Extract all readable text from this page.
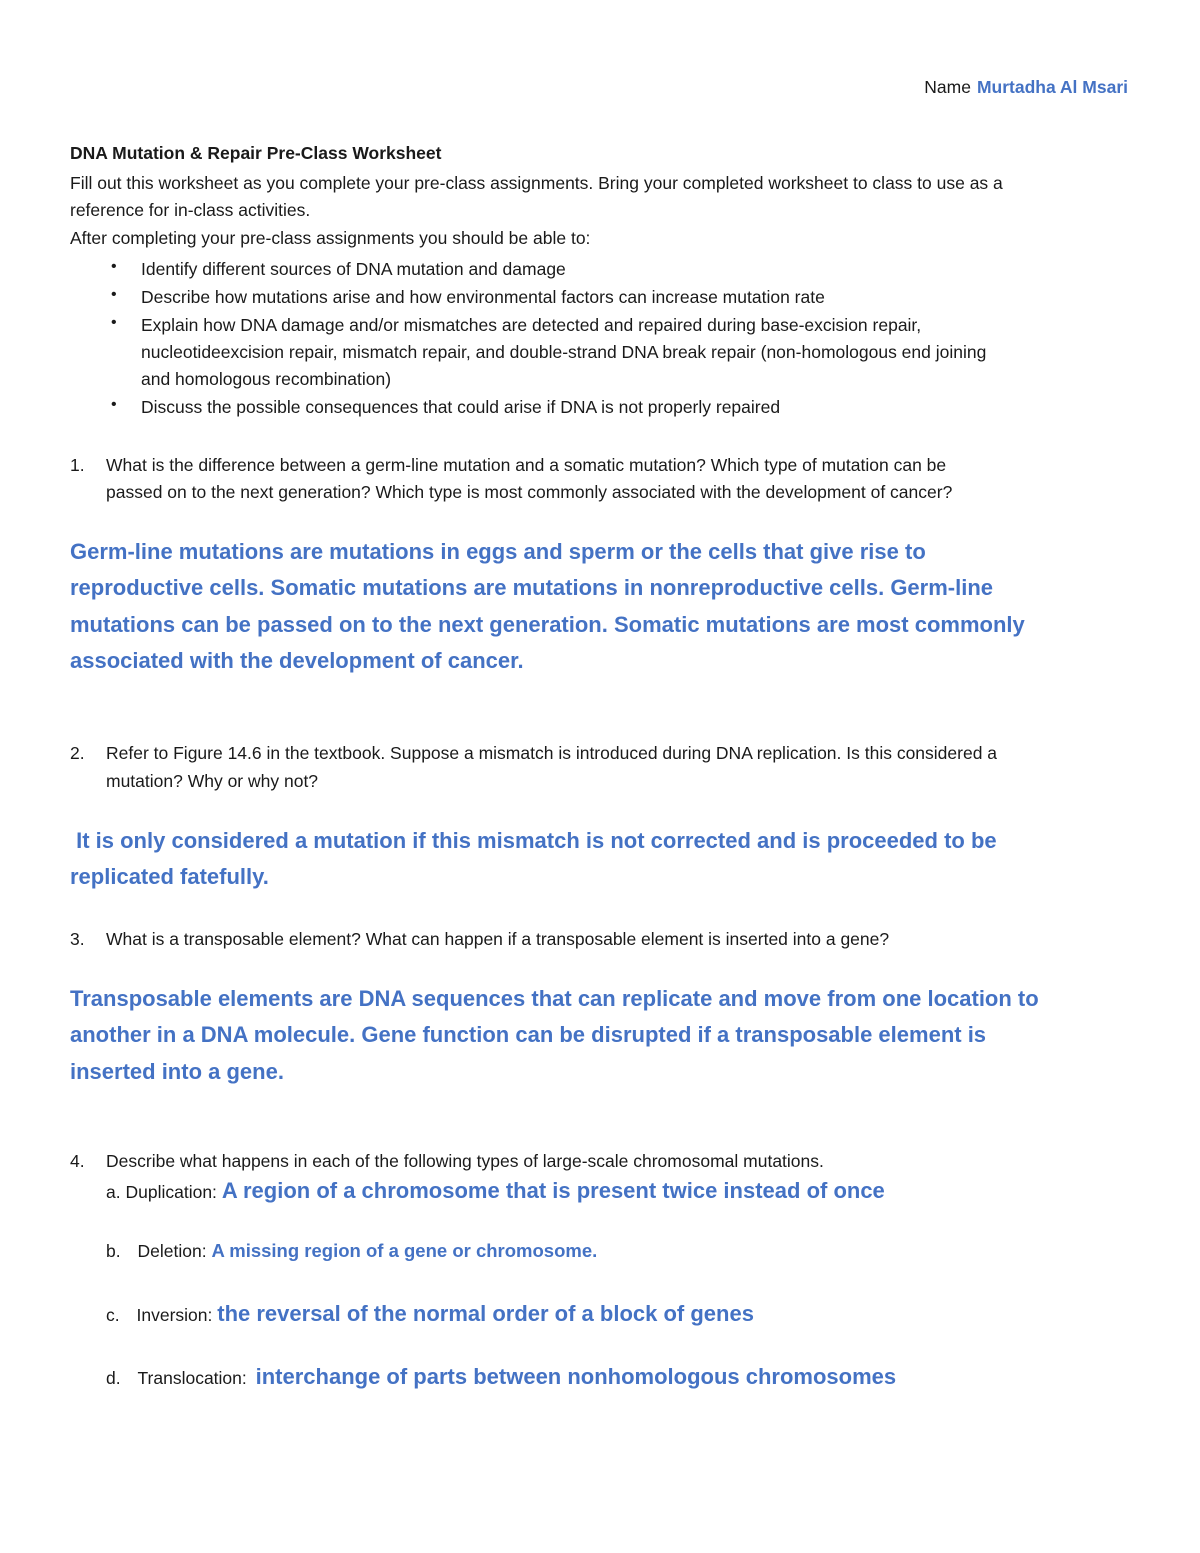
Name Murtadha Al Msari
DNA Mutation & Repair Pre-Class Worksheet
Fill out this worksheet as you complete your pre-class assignments. Bring your completed worksheet to class to use as a
reference for in-class activities.
After completing your pre-class assignments you should be able to:
• Identify different sources of DNA mutation and damage
• Describe how mutations arise and how environmental factors can increase mutation rate
• Explain how DNA damage and/or mismatches are detected and repaired during base-excision repair,
nucleotideexcision repair, mismatch repair, and double-strand DNA break repair (non-homologous end joining
and homologous recombination)
• Discuss the possible consequences that could arise if DNA is not properly repaired
1. What is the difference between a germ-line mutation and a somatic mutation? Which type of mutation can be
passed on to the next generation? Which type is most commonly associated with the development of cancer?
Germ-line mutations are mutations in eggs and sperm or the cells that give rise to
reproductive cells. Somatic mutations are mutations in nonreproductive cells. Germ-line
mutations can be passed on to the next generation. Somatic mutations are most commonly
associated with the development of cancer.
2. Refer to Figure 14.6 in the textbook. Suppose a mismatch is introduced during DNA replication. Is this considered a
mutation? Why or why not?
It is only considered a mutation if this mismatch is not corrected and is proceeded to be
replicated fatefully.
3. What is a transposable element? What can happen if a transposable element is inserted into a gene?
Transposable elements are DNA sequences that can replicate and move from one location to
another in a DNA molecule. Gene function can be disrupted if a transposable element is
inserted into a gene.
4. Describe what happens in each of the following types of large-scale chromosomal mutations.
a. Duplication: A region of a chromosome that is present twice instead of once
b. Deletion: A missing region of a gene or chromosome.
c. Inversion: the reversal of the normal order of a block of genes
d. Translocation: interchange of parts between nonhomologous chromosomes
